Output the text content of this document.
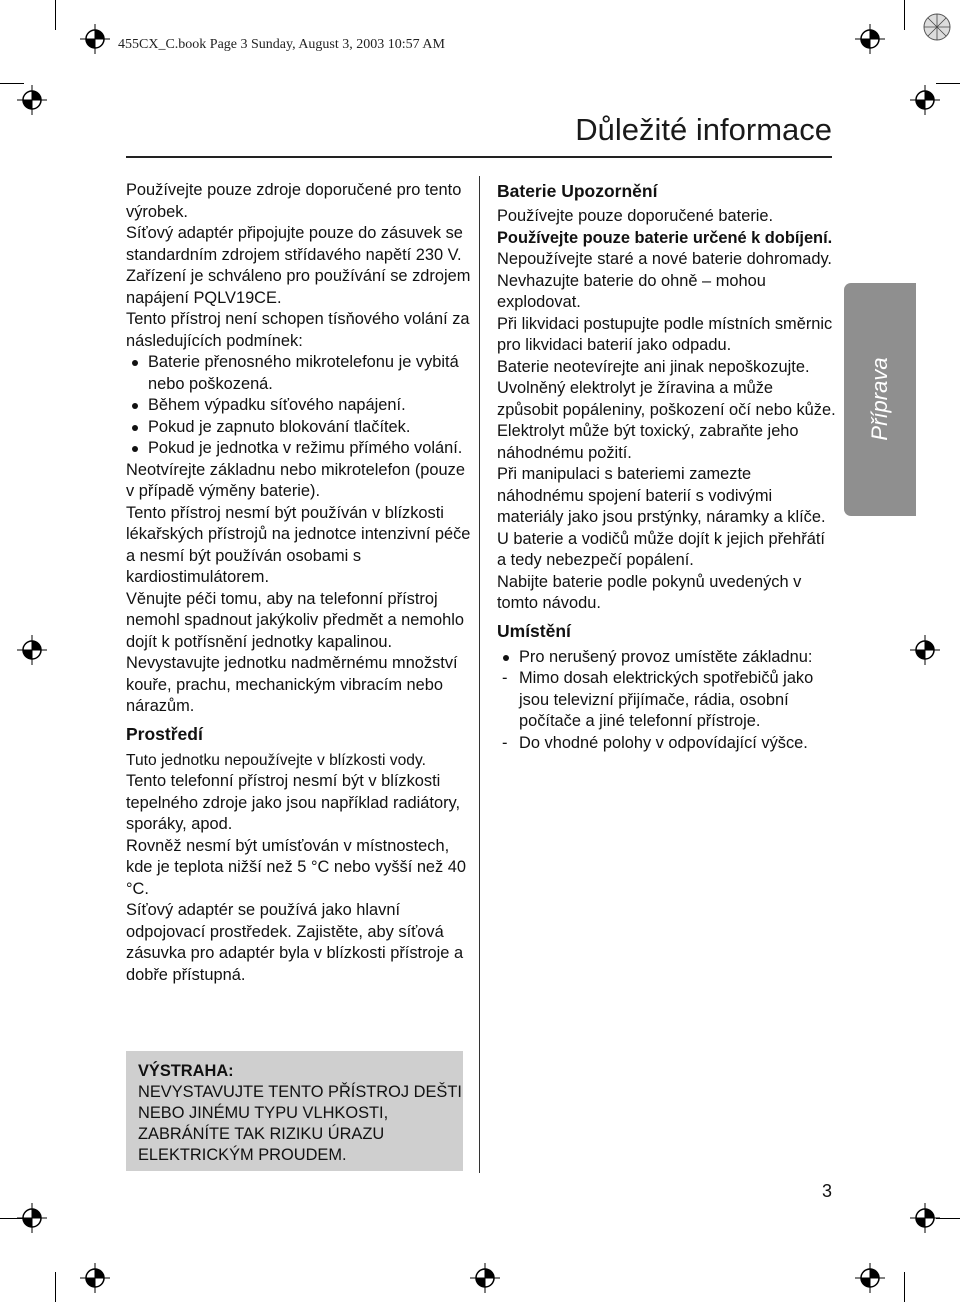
455CX_C.book Page 3 Sunday, August 3, 2003 10:57 AM
Důležité informace

Používejte pouze zdroje doporučené pro tento výrobek.

Síťový adaptér připojujte pouze do zásuvek se standardním zdrojem střídavého napětí 230 V.

Zařízení je schváleno pro používání se zdrojem napájení PQLV19CE.

Tento přístroj není schopen tísňového volání za následujících podmínek:

Baterie přenosného mikrotelefonu je vybitá nebo poškozená.
Během výpadku síťového napájení.
Pokud je zapnuto blokování tlačítek.
Pokud je jednotka v režimu přímého volání.

Neotvírejte základnu nebo mikrotelefon (pouze v případě výměny baterie).

Tento přístroj nesmí být používán v blízkosti lékařských přístrojů na jednotce intenzivní péče a nesmí být používán osobami s kardiostimulátorem.

Věnujte péči tomu, aby na telefonní přístroj nemohl spadnout jakýkoliv předmět a nemohlo dojít k potřísnění jednotky kapalinou. Nevystavujte jednotku nadměrnému množství kouře, prachu, mechanickým vibracím nebo nárazům.

Prostředí

Tuto jednotku nepoužívejte v blízkosti vody.

Tento telefonní přístroj nesmí být v blízkosti tepelného zdroje jako jsou například radiátory, sporáky, apod.

Rovněž nesmí být umísťován v místnostech, kde je teplota nižší než 5 °C nebo vyšší než 40 °C.

Síťový adaptér se používá jako hlavní odpojovací prostředek. Zajistěte, aby síťová zásuvka pro adaptér byla v blízkosti přístroje a dobře přístupná.

VÝSTRAHA:
NEVYSTAVUJTE TENTO PŘÍSTROJ DEŠTI NEBO JINÉMU TYPU VLHKOSTI, ZABRÁNÍTE TAK RIZIKU ÚRAZU ELEKTRICKÝM PROUDEM.

Baterie Upozornění

Používejte pouze doporučené baterie.

Používejte pouze baterie určené k dobíjení.

Nepoužívejte staré a nové baterie dohromady.

Nevhazujte baterie do ohně – mohou explodovat.

Při likvidaci postupujte podle místních směrnic pro likvidaci baterií jako odpadu.

Baterie neotevírejte ani jinak nepoškozujte.

Uvolněný elektrolyt je žíravina a může způsobit popáleniny, poškození očí nebo kůže.

Elektrolyt může být toxický, zabraňte jeho náhodnému požití.

Při manipulaci s bateriemi zamezte náhodnému spojení baterií s vodivými materiály jako jsou prstýnky, náramky a klíče.

U baterie a vodičů může dojít k jejich přehřátí a tedy nebezpečí popálení.

Nabijte baterie podle pokynů uvedených v tomto návodu.

Umístění

Pro nerušený provoz umístěte základnu:
- Mimo dosah elektrických spotřebičů jako jsou televizní přijímače, rádia, osobní počítače a jiné telefonní přístroje.
- Do vhodné polohy v odpovídající výšce.
Příprava
3
